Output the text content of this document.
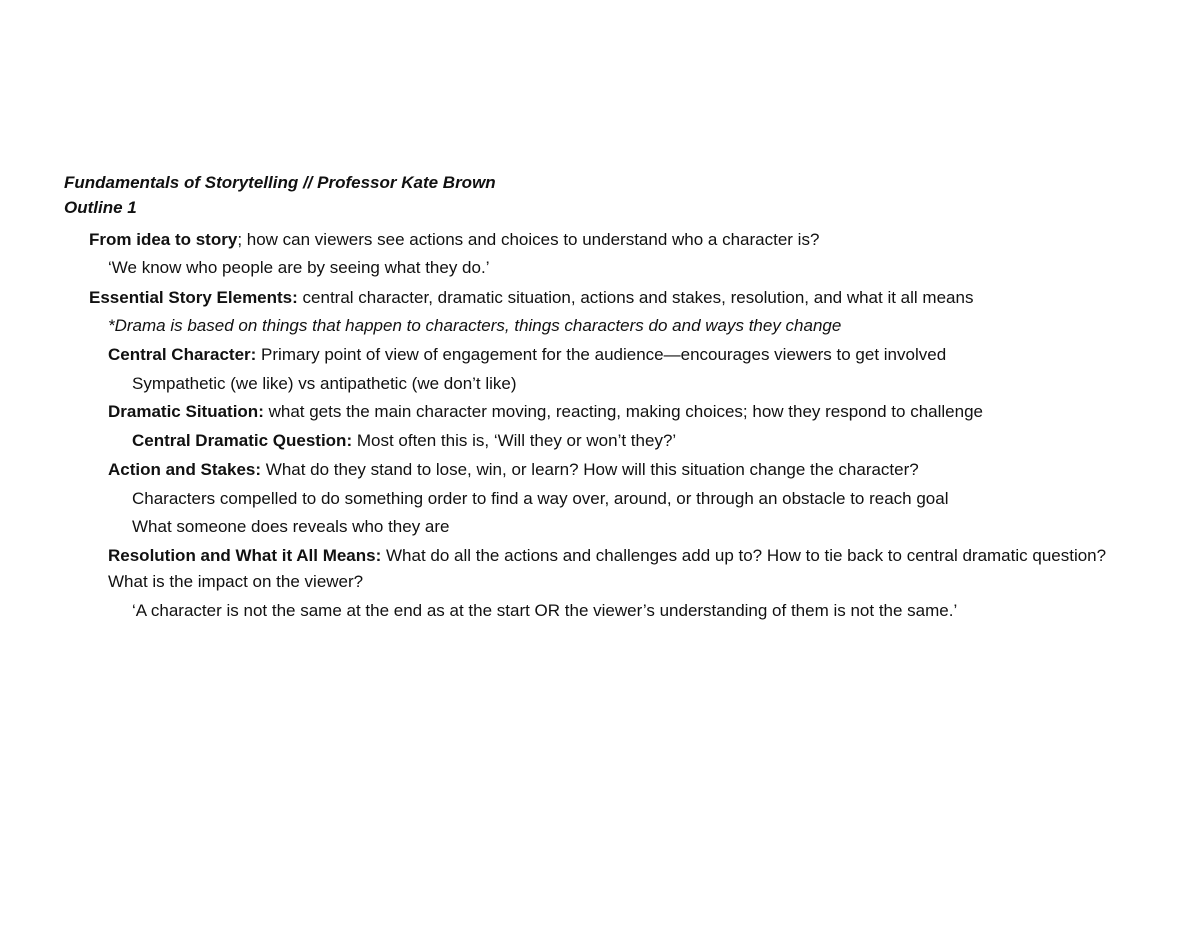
Fundamentals of Storytelling // Professor Kate Brown
Outline 1
From idea to story; how can viewers see actions and choices to understand who a character is?
‘We know who people are by seeing what they do.’
Essential Story Elements: central character, dramatic situation, actions and stakes, resolution, and what it all means
*Drama is based on things that happen to characters, things characters do and ways they change
Central Character: Primary point of view of engagement for the audience—encourages viewers to get involved
Sympathetic (we like) vs antipathetic (we don’t like)
Dramatic Situation: what gets the main character moving, reacting, making choices; how they respond to challenge
Central Dramatic Question: Most often this is, ‘Will they or won’t they?’
Action and Stakes: What do they stand to lose, win, or learn? How will this situation change the character?
Characters compelled to do something order to find a way over, around, or through an obstacle to reach goal
What someone does reveals who they are
Resolution and What it All Means: What do all the actions and challenges add up to? How to tie back to central dramatic question? What is the impact on the viewer?
‘A character is not the same at the end as at the start OR the viewer’s understanding of them is not the same.’
